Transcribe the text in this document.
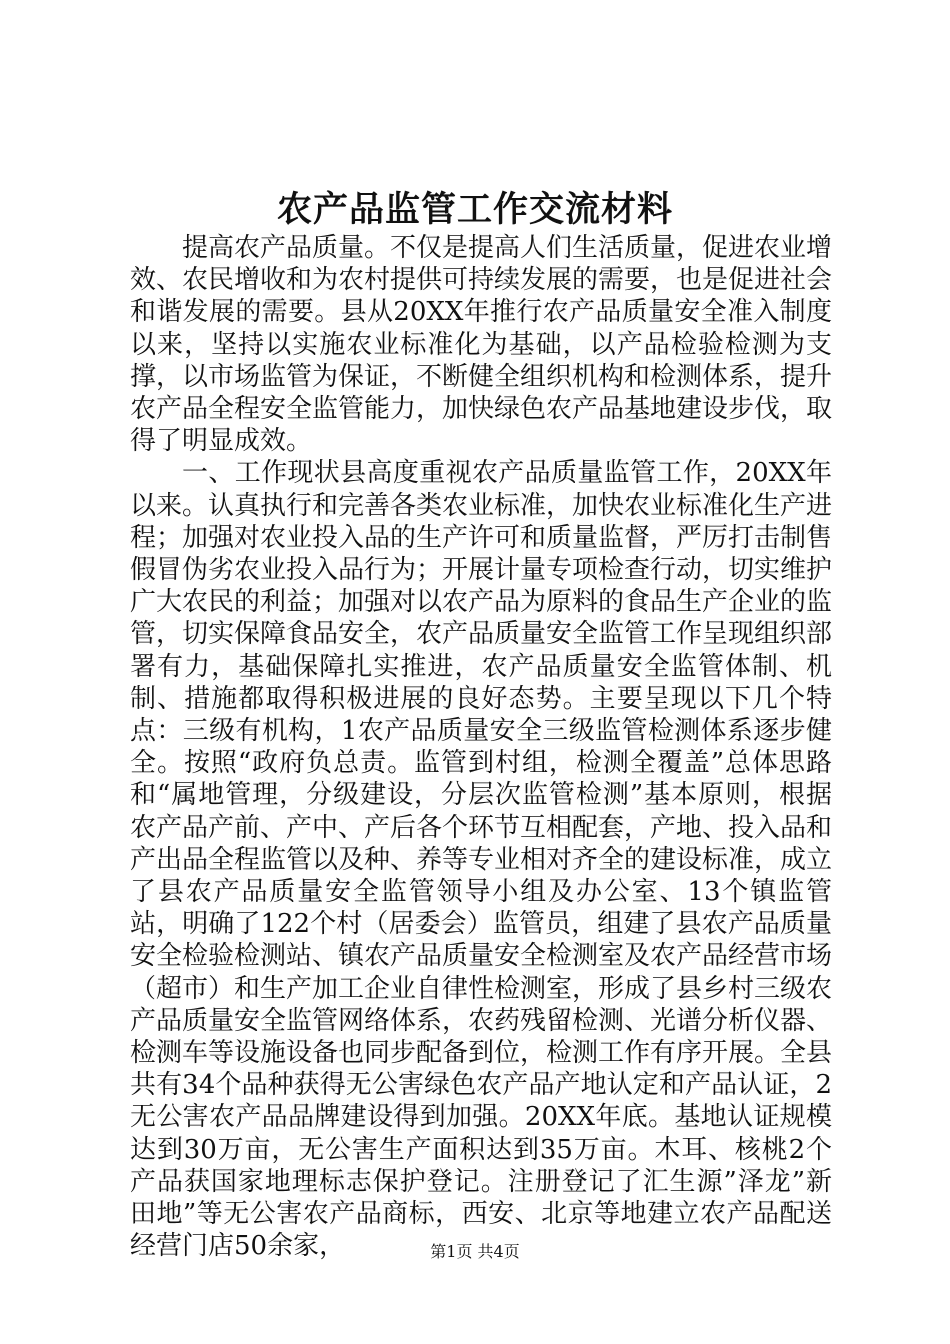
农产品监管工作交流材料

提高农产品质量。不仅是提高人们生活质量，促进农业增效、农民增收和为农村提供可持续发展的需要，也是促进社会和谐发展的需要。县从20XX年推行农产品质量安全准入制度以来，坚持以实施农业标准化为基础，以产品检验检测为支撑，以市场监管为保证，不断健全组织机构和检测体系，提升农产品全程安全监管能力，加快绿色农产品基地建设步伐，取得了明显成效。

一、工作现状县高度重视农产品质量监管工作，20XX年以来。认真执行和完善各类农业标准，加快农业标准化生产进程；加强对农业投入品的生产许可和质量监督，严厉打击制售假冒伪劣农业投入品行为；开展计量专项检查行动，切实维护广大农民的利益；加强对以农产品为原料的食品生产企业的监管，切实保障食品安全，农产品质量安全监管工作呈现组织部署有力，基础保障扎实推进，农产品质量安全监管体制、机制、措施都取得积极进展的良好态势。主要呈现以下几个特点：三级有机构，1农产品质量安全三级监管检测体系逐步健全。按照“政府负总责。监管到村组，检测全覆盖”总体思路和“属地管理，分级建设，分层次监管检测”基本原则，根据农产品产前、产中、产后各个环节互相配套，产地、投入品和产出品全程监管以及种、养等专业相对齐全的建设标准，成立了县农产品质量安全监管领导小组及办公室、13个镇监管站，明确了122个村（居委会）监管员，组建了县农产品质量安全检验检测站、镇农产品质量安全检测室及农产品经营市场（超市）和生产加工企业自律性检测室，形成了县乡村三级农产品质量安全监管网络体系，农药残留检测、光谱分析仪器、检测车等设施设备也同步配备到位，检测工作有序开展。全县共有34个品种获得无公害绿色农产品产地认定和产品认证，2无公害农产品品牌建设得到加强。20XX年底。基地认证规模达到30万亩，无公害生产面积达到35万亩。木耳、核桃2个产品获国家地理标志保护登记。注册登记了汇生源”泽龙”新田地”等无公害农产品商标，西安、北京等地建立农产品配送经营门店50余家，	第1页 共4页
